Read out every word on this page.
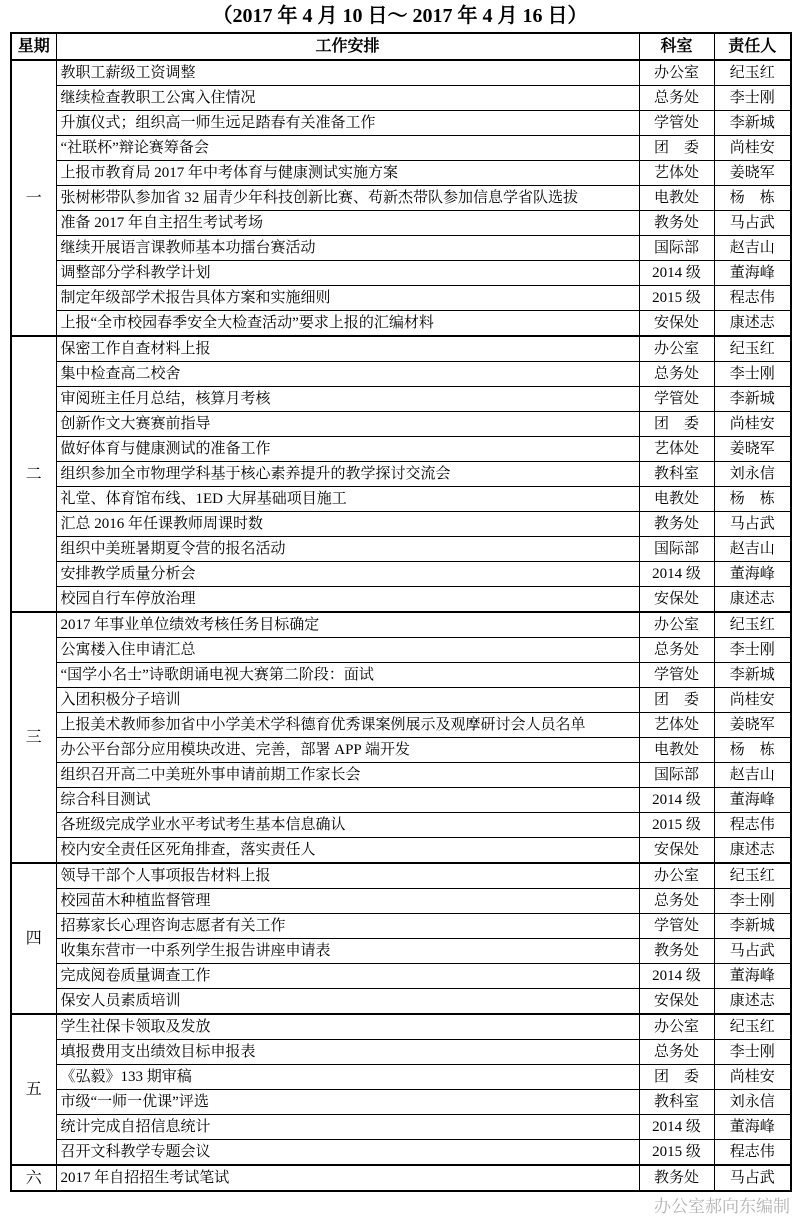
（2017 年 4 月 10 日～ 2017 年 4 月 16 日）
星期	工作安排	科室	责任人
一	教职工薪级工资调整	办公室	纪玉红
	继续检查教职工公寓入住情况	总务处	李士刚
	升旗仪式；组织高一师生远足踏春有关准备工作	学管处	李新城
	“社联杯”辩论赛筹备会	团　委	尚桂安
	上报市教育局 2017 年中考体育与健康测试实施方案	艺体处	姜晓军
	张树彬带队参加省 32 届青少年科技创新比赛、苟新杰带队参加信息学省队选拔	电教处	杨　栋
	准备 2017 年自主招生考试考场	教务处	马占武
	继续开展语言课教师基本功擂台赛活动	国际部	赵吉山
	调整部分学科教学计划	2014 级	董海峰
	制定年级部学术报告具体方案和实施细则	2015 级	程志伟
	上报“全市校园春季安全大检查活动”要求上报的汇编材料	安保处	康述志
二	保密工作自查材料上报	办公室	纪玉红
	集中检查高二校舍	总务处	李士刚
	审阅班主任月总结，核算月考核	学管处	李新城
	创新作文大赛赛前指导	团　委	尚桂安
	做好体育与健康测试的准备工作	艺体处	姜晓军
	组织参加全市物理学科基于核心素养提升的教学探讨交流会	教科室	刘永信
	礼堂、体育馆布线、1ED 大屏基础项目施工	电教处	杨　栋
	汇总 2016 年任课教师周课时数	教务处	马占武
	组织中美班暑期夏令营的报名活动	国际部	赵吉山
	安排教学质量分析会	2014 级	董海峰
	校园自行车停放治理	安保处	康述志
三	2017 年事业单位绩效考核任务目标确定	办公室	纪玉红
	公寓楼入住申请汇总	总务处	李士刚
	“国学小名士”诗歌朗诵电视大赛第二阶段：面试	学管处	李新城
	入团积极分子培训	团　委	尚桂安
	上报美术教师参加省中小学美术学科德育优秀课案例展示及观摩研讨会人员名单	艺体处	姜晓军
	办公平台部分应用模块改进、完善，部署 APP 端开发	电教处	杨　栋
	组织召开高二中美班外事申请前期工作家长会	国际部	赵吉山
	综合科目测试	2014 级	董海峰
	各班级完成学业水平考试考生基本信息确认	2015 级	程志伟
	校内安全责任区死角排查，落实责任人	安保处	康述志
四	领导干部个人事项报告材料上报	办公室	纪玉红
	校园苗木种植监督管理	总务处	李士刚
	招募家长心理咨询志愿者有关工作	学管处	李新城
	收集东营市一中系列学生报告讲座申请表	教务处	马占武
	完成阅卷质量调查工作	2014 级	董海峰
	保安人员素质培训	安保处	康述志
五	学生社保卡领取及发放	办公室	纪玉红
	填报费用支出绩效目标申报表	总务处	李士刚
	《弘毅》133 期审稿	团　委	尚桂安
	市级“一师一优课”评选	教科室	刘永信
	统计完成自招信息统计	2014 级	董海峰
	召开文科教学专题会议	2015 级	程志伟
六	2017 年自招招生考试笔试	教务处	马占武
办公室郝向东编制
